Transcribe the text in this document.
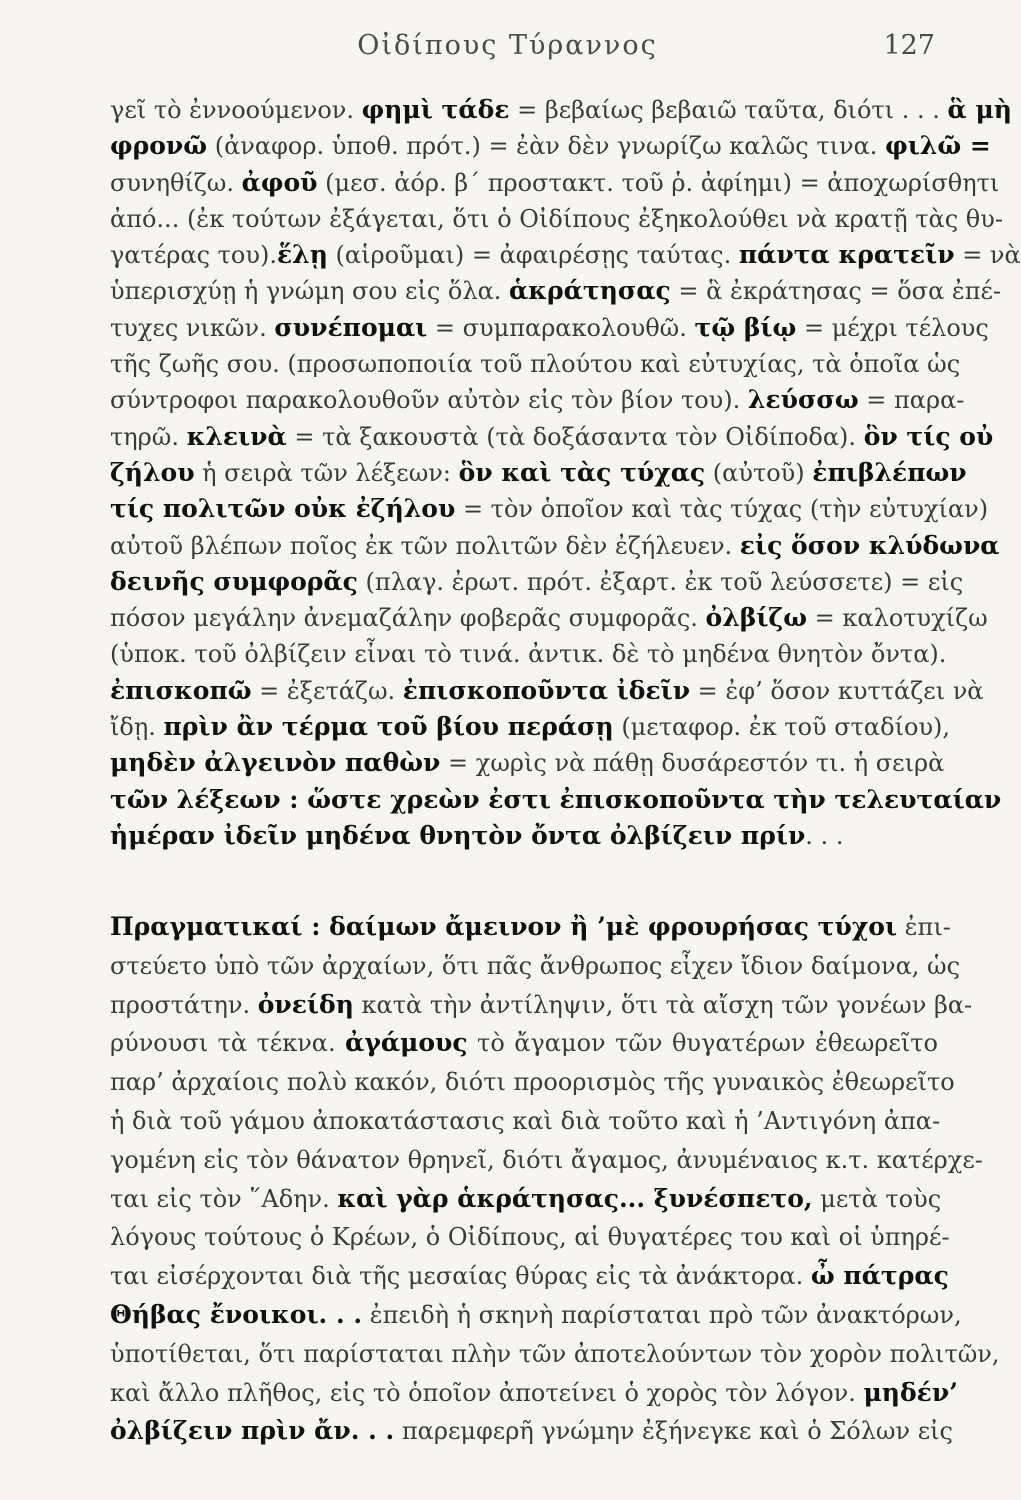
Οἰδίπους Τύραννος	127
γεῖ τὸ ἐννοούμενον. φημὶ τάδε = βεβαίως βεβαιῶ ταῦτα, διότι . . . ἃ μὴ
φρονῶ (ἀναφορ. ὑποθ. πρότ.) = ἐὰν δὲν γνωρίζω καλῶς τινα. φιλῶ =
συνηθίζω. ἀφοῦ (μεσ. ἀόρ. β΄ προστακτ. τοῦ ῥ. ἀφίημι) = ἀποχωρίσθητι
ἀπό... (ἐκ τούτων ἐξάγεται, ὅτι ὁ Οἰδίπους ἐξηκολούθει νὰ κρατῇ τὰς θυ-
γατέρας του).ἕλῃ (αἱροῦμαι) = ἀφαιρέσῃς ταύτας. πάντα κρατεῖν = νὰ
ὑπερισχύῃ ἡ γνώμη σου εἰς ὅλα. ἁκράτησας = ἃ ἐκράτησας = ὅσα ἐπέ-
τυχες νικῶν. συνέπομαι = συμπαρακολουθῶ. τῷ βίῳ = μέχρι τέλους
τῆς ζωῆς σου. (προσωποποιία τοῦ πλούτου καὶ εὐτυχίας, τὰ ὁποῖα ὡς
σύντροφοι παρακολουθοῦν αὐτὸν εἰς τὸν βίον του). λεύσσω = παρα-
τηρῶ. κλεινὰ = τὰ ξακουστὰ (τὰ δοξάσαντα τὸν Οἰδίποδα). ὃν τίς οὐ
ζήλου ἡ σειρὰ τῶν λέξεων: ὃν καὶ τὰς τύχας (αὐτοῦ) ἐπιβλέπων
τίς πολιτῶν οὐκ ἐζήλου = τὸν ὁποῖον καὶ τὰς τύχας (τὴν εὐτυχίαν)
αὐτοῦ βλέπων ποῖος ἐκ τῶν πολιτῶν δὲν ἐζήλευεν. εἰς ὅσον κλύδωνα
δεινῆς συμφορᾶς (πλαγ. ἐρωτ. πρότ. ἐξαρτ. ἐκ τοῦ λεύσσετε) = εἰς
πόσον μεγάλην ἀνεμαζάλην φοβερᾶς συμφορᾶς. ὀλβίζω = καλοτυχίζω
(ὑποκ. τοῦ ὀλβίζειν εἶναι τὸ τινά. ἀντικ. δὲ τὸ μηδένα θνητὸν ὄντα).
ἐπισκοπῶ = ἐξετάζω. ἐπισκοποῦντα ἰδεῖν = ἐφ’ ὅσον κυττάζει νὰ
ἴδῃ. πρὶν ἂν τέρμα τοῦ βίου περάσῃ (μεταφορ. ἐκ τοῦ σταδίου),
μηδὲν ἀλγεινὸν παθὼν = χωρὶς νὰ πάθῃ δυσάρεστόν τι. ἡ σειρὰ
τῶν λέξεων : ὥστε χρεὼν ἐστι ἐπισκοποῦντα τὴν τελευταίαν
ἡμέραν ἰδεῖν μηδένα θνητὸν ὄντα ὀλβίζειν πρίν. . .
Πραγματικαί : δαίμων ἄμεινον ἢ ’μὲ φρουρήσας τύχοι ἐπι-
στεύετο ὑπὸ τῶν ἀρχαίων, ὅτι πᾶς ἄνθρωπος εἶχεν ἴδιον δαίμονα, ὡς
προστάτην. ὀνείδη κατὰ τὴν ἀντίληψιν, ὅτι τὰ αἴσχη τῶν γονέων βα-
ρύνουσι τὰ τέκνα. ἀγάμους τὸ ἄγαμον τῶν θυγατέρων ἐθεωρεῖτο
παρ’ ἀρχαίοις πολὺ κακόν, διότι προορισμὸς τῆς γυναικὸς ἐθεωρεῖτο
ἡ διὰ τοῦ γάμου ἀποκατάστασις καὶ διὰ τοῦτο καὶ ἡ ’Αντιγόνη ἀπα-
γομένη εἰς τὸν θάνατον θρηνεῖ, διότι ἄγαμος, ἀνυμέναιος κ.τ. κατέρχε-
ται εἰς τὸν ῞Αδην. καὶ γὰρ ἁκράτησας... ξυνέσπετο, μετὰ τοὺς
λόγους τούτους ὁ Κρέων, ὁ Οἰδίπους, αἱ θυγατέρες του καὶ οἱ ὑπηρέ-
ται εἰσέρχονται διὰ τῆς μεσαίας θύρας εἰς τὰ ἀνάκτορα. ὦ πάτρας
Θήβας ἔνοικοι. . . ἐπειδὴ ἡ σκηνὴ παρίσταται πρὸ τῶν ἀνακτόρων,
ὑποτίθεται, ὅτι παρίσταται πλὴν τῶν ἀποτελούντων τὸν χορὸν πολιτῶν,
καὶ ἄλλο πλῆθος, εἰς τὸ ὁποῖον ἀποτείνει ὁ χορὸς τὸν λόγον. μηδέν’
ὀλβίζειν πρὶν ἄν. . . παρεμφερῆ γνώμην ἐξήνεγκε καὶ ὁ Σόλων εἰς
